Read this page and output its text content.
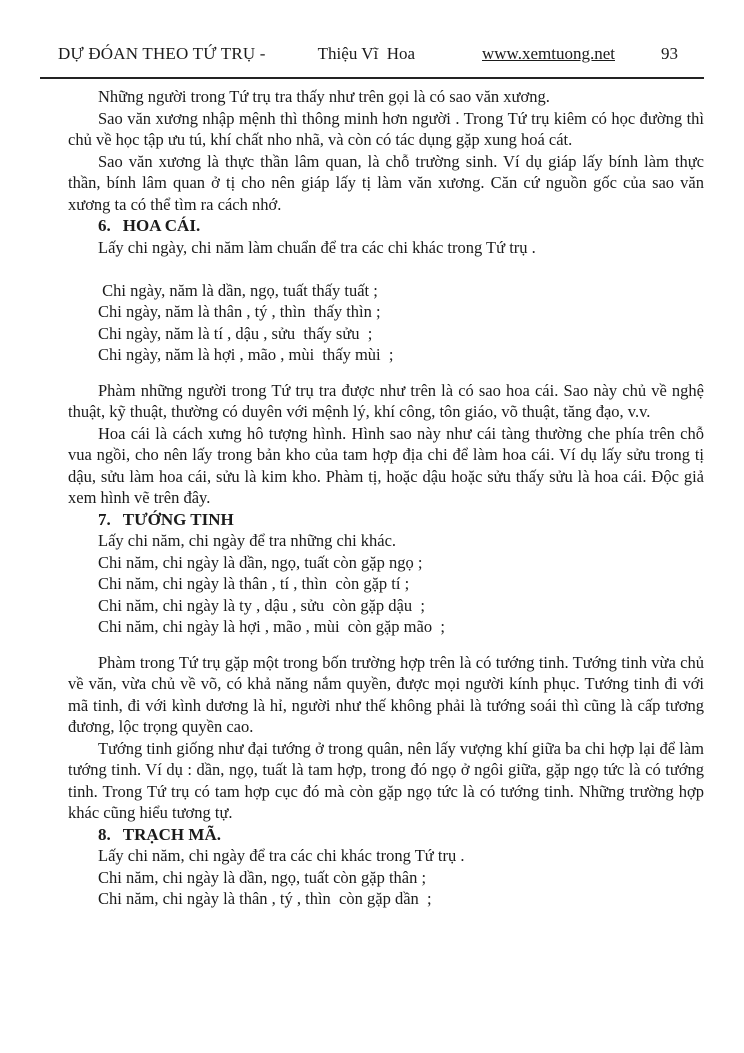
DỰ ĐÓAN THEO TỨ TRỤ -	Thiệu Vĩ  Hoa	www.xemtuong.net	93

Những người trong Tứ trụ tra thấy như trên gọi là có sao văn xương.

Sao văn xương nhập mệnh thì thông minh hơn người . Trong Tứ trụ kiêm có học đường thì chủ về học tập ưu tú, khí chất nho nhã, và còn có tác dụng gặp xung hoá cát.

Sao văn xương là thực thần lâm quan, là chỗ trường sinh. Ví dụ giáp lấy bính làm thực thần, bính lâm quan ở tị cho nên giáp lấy tị làm văn xương. Căn cứ nguồn gốc của sao văn xương ta có thể tìm ra cách nhớ.

6. HOA CÁI.

Lấy chi ngày, chi năm làm chuẩn để tra các chi khác trong Tứ trụ .

Chi ngày, năm là dần, ngọ, tuất thấy tuất ;
Chi ngày, năm là thân , tý , thìn  thấy thìn ;
Chi ngày, năm là tí , dậu , sửu  thấy sửu  ;
Chi ngày, năm là hợi , mão , mùi  thấy mùi  ;

Phàm những người trong Tứ trụ tra được như trên là có sao hoa cái. Sao này chủ về nghệ thuật, kỹ thuật, thường có duyên với mệnh lý, khí công, tôn giáo, võ thuật, tăng đạo, v.v.

Hoa cái là cách xưng hô tượng hình. Hình sao này như cái tàng thường che phía trên chỗ vua ngồi, cho nên lấy trong bản kho của tam hợp địa chi để làm hoa cái. Ví dụ lấy sửu trong tị dậu, sửu làm hoa cái, sửu là kim kho. Phàm tị, hoặc dậu hoặc sửu thấy sửu là hoa cái. Độc giả xem hình vẽ trên đây.

7. TƯỚNG TINH

Lấy chi năm, chi ngày để tra những chi khác.

Chi năm, chi ngày là dần, ngọ, tuất còn gặp ngọ ;
Chi năm, chi ngày là thân , tí , thìn  còn gặp tí ;
Chi năm, chi ngày là ty , dậu , sửu  còn gặp dậu  ;
Chi năm, chi ngày là hợi , mão , mùi  còn gặp mão  ;

Phàm trong Tứ trụ gặp một trong bốn trường hợp trên là có tướng tinh. Tướng tinh vừa chủ về văn, vừa chủ về võ, có khả năng nắm quyền, được mọi người kính phục. Tướng tinh đi với mã tinh, đi với kình dương là hỉ, người như thế không phải là tướng soái thì cũng là cấp tương đương, lộc trọng quyền cao.

Tướng tinh giống như đại tướng ở trong quân, nên lấy vượng khí giữa ba chi hợp lại để làm tướng tinh. Ví dụ : dần, ngọ, tuất là tam hợp, trong đó ngọ ở ngôi giữa, gặp ngọ tức là có tướng tinh. Trong Tứ trụ có tam hợp cục đó mà còn gặp ngọ tức là có tướng tinh. Những trường hợp khác cũng hiểu tương tự.

8. TRẠCH MÃ.

Lấy chi năm, chi ngày để tra các chi khác trong Tứ trụ .

Chi năm, chi ngày là dần, ngọ, tuất còn gặp thân ;
Chi năm, chi ngày là thân , tý , thìn  còn gặp dần  ;
